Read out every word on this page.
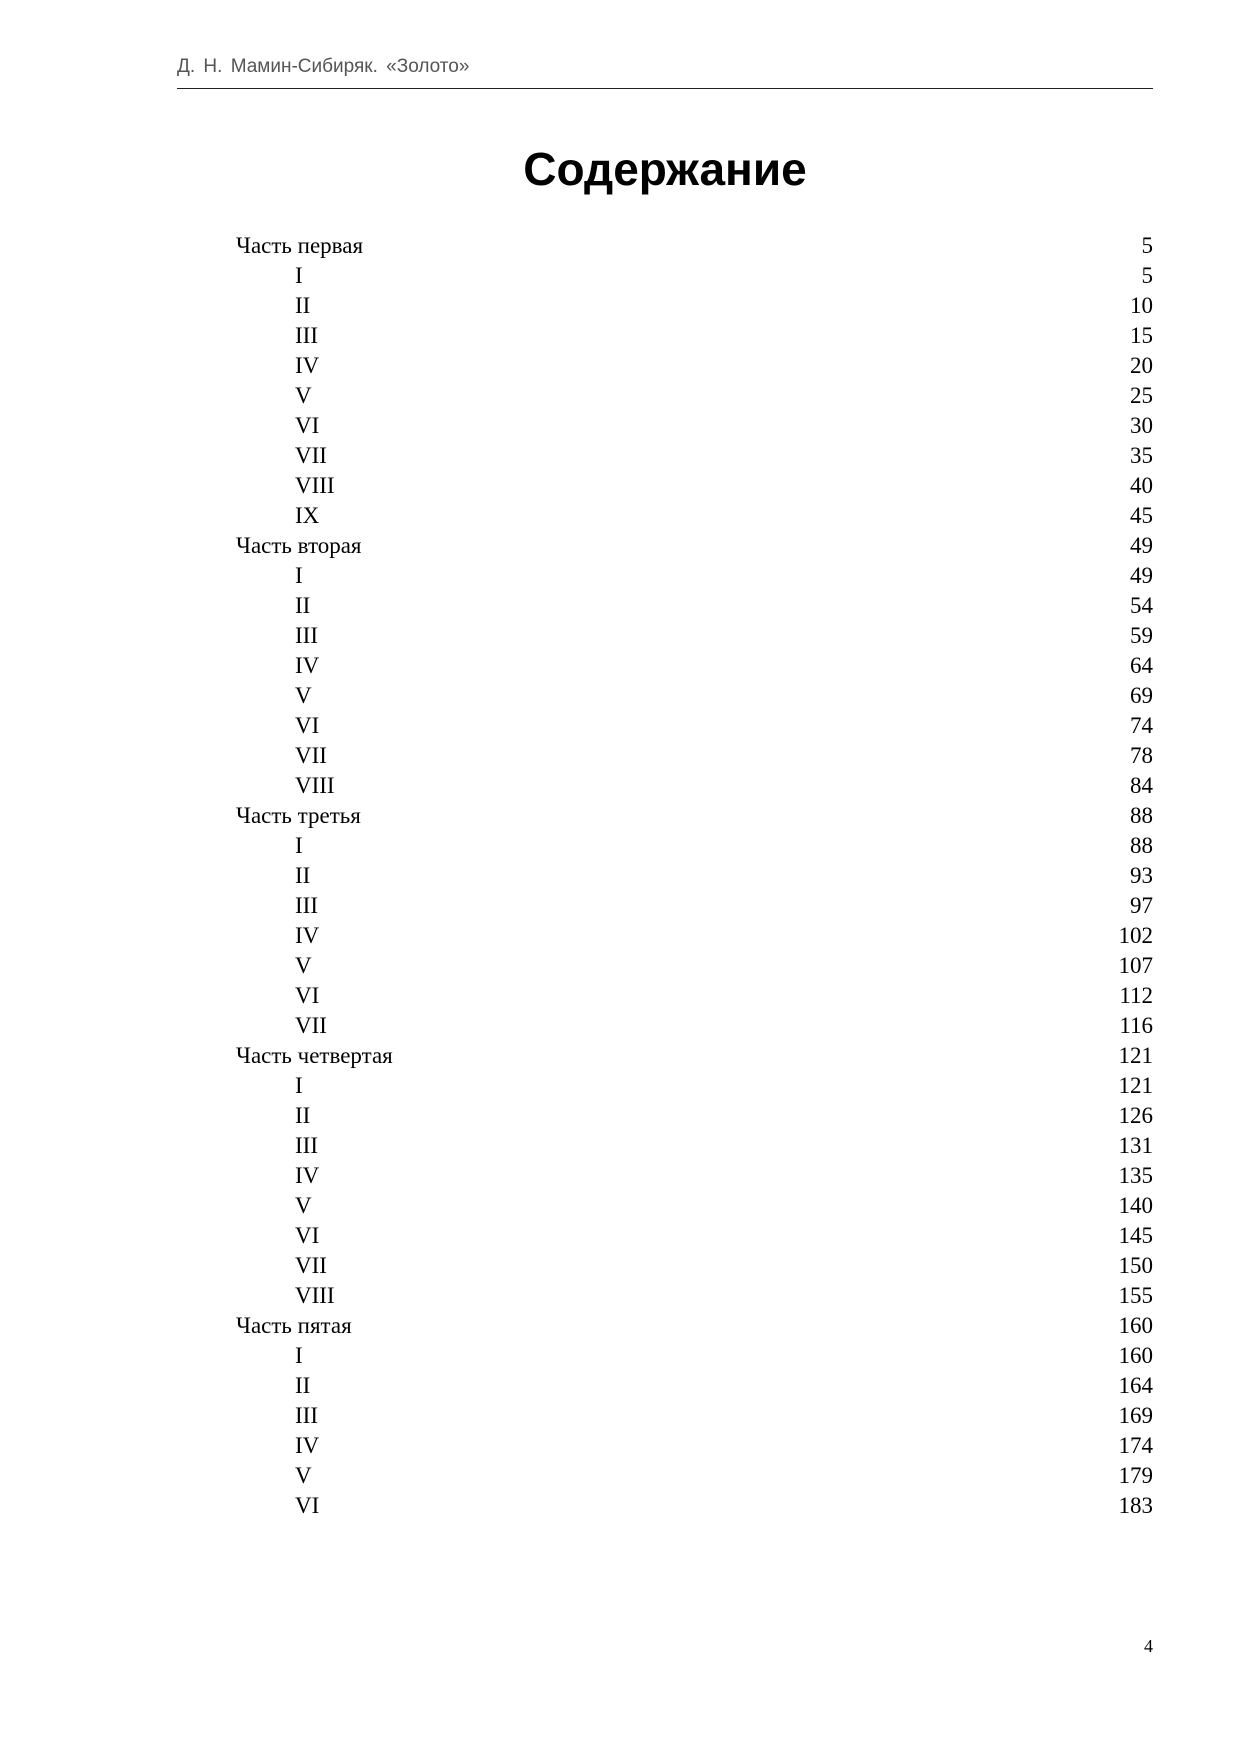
Д. Н. Мамин-Сибиряк. «Золото»
Содержание
Часть первая	5
I	5
II	10
III	15
IV	20
V	25
VI	30
VII	35
VIII	40
IX	45
Часть вторая	49
I	49
II	54
III	59
IV	64
V	69
VI	74
VII	78
VIII	84
Часть третья	88
I	88
II	93
III	97
IV	102
V	107
VI	112
VII	116
Часть четвертая	121
I	121
II	126
III	131
IV	135
V	140
VI	145
VII	150
VIII	155
Часть пятая	160
I	160
II	164
III	169
IV	174
V	179
VI	183
4
